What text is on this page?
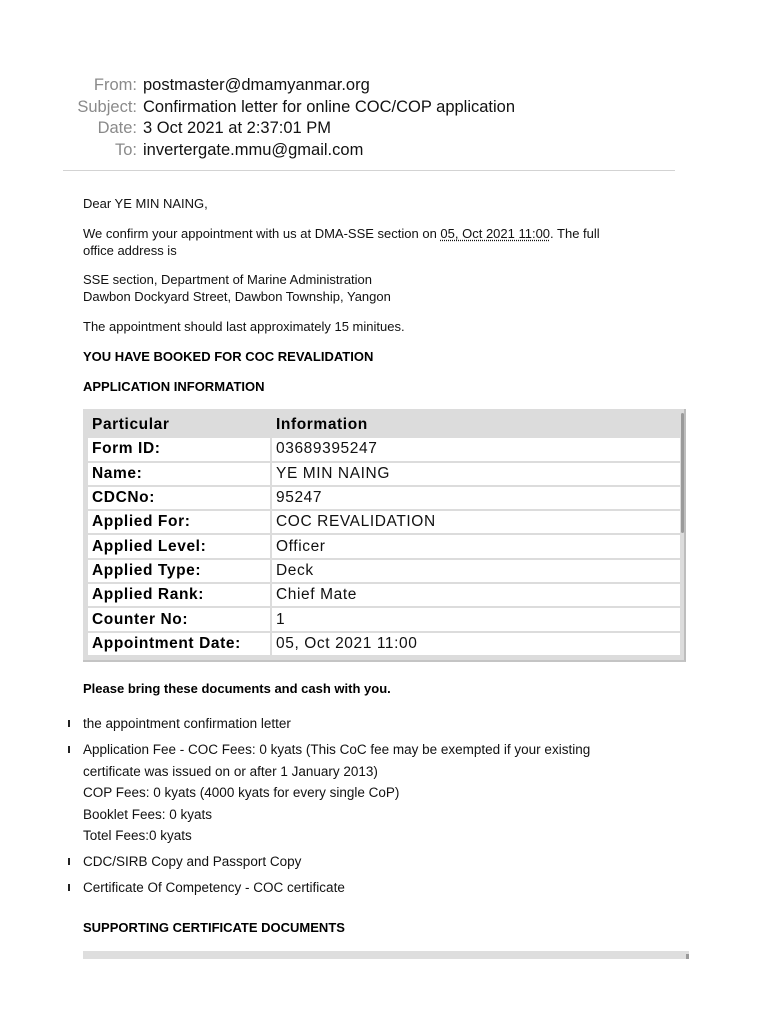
From: postmaster@dmamyanmar.org
Subject: Confirmation letter for online COC/COP application
Date: 3 Oct 2021 at 2:37:01 PM
To: invertergate.mmu@gmail.com
Dear YE MIN NAING,
We confirm your appointment with us at DMA-SSE section on 05, Oct 2021 11:00. The full
office address is
SSE section, Department of Marine Administration
Dawbon Dockyard Street, Dawbon Township, Yangon
The appointment should last approximately 15 minitues.
YOU HAVE BOOKED FOR COC REVALIDATION
APPLICATION INFORMATION
Particular	Information
Form ID:	03689395247
Name:	YE MIN NAING
CDCNo:	95247
Applied For:	COC REVALIDATION
Applied Level:	Officer
Applied Type:	Deck
Applied Rank:	Chief Mate
Counter No:	1
Appointment Date:	05, Oct 2021 11:00
Please bring these documents and cash with you.
the appointment confirmation letter
Application Fee - COC Fees: 0 kyats (This CoC fee may be exempted if your existing
certificate was issued on or after 1 January 2013)
COP Fees: 0 kyats (4000 kyats for every single CoP)
Booklet Fees: 0 kyats
Totel Fees:0 kyats
CDC/SIRB Copy and Passport Copy
Certificate Of Competency - COC certificate
SUPPORTING CERTIFICATE DOCUMENTS
